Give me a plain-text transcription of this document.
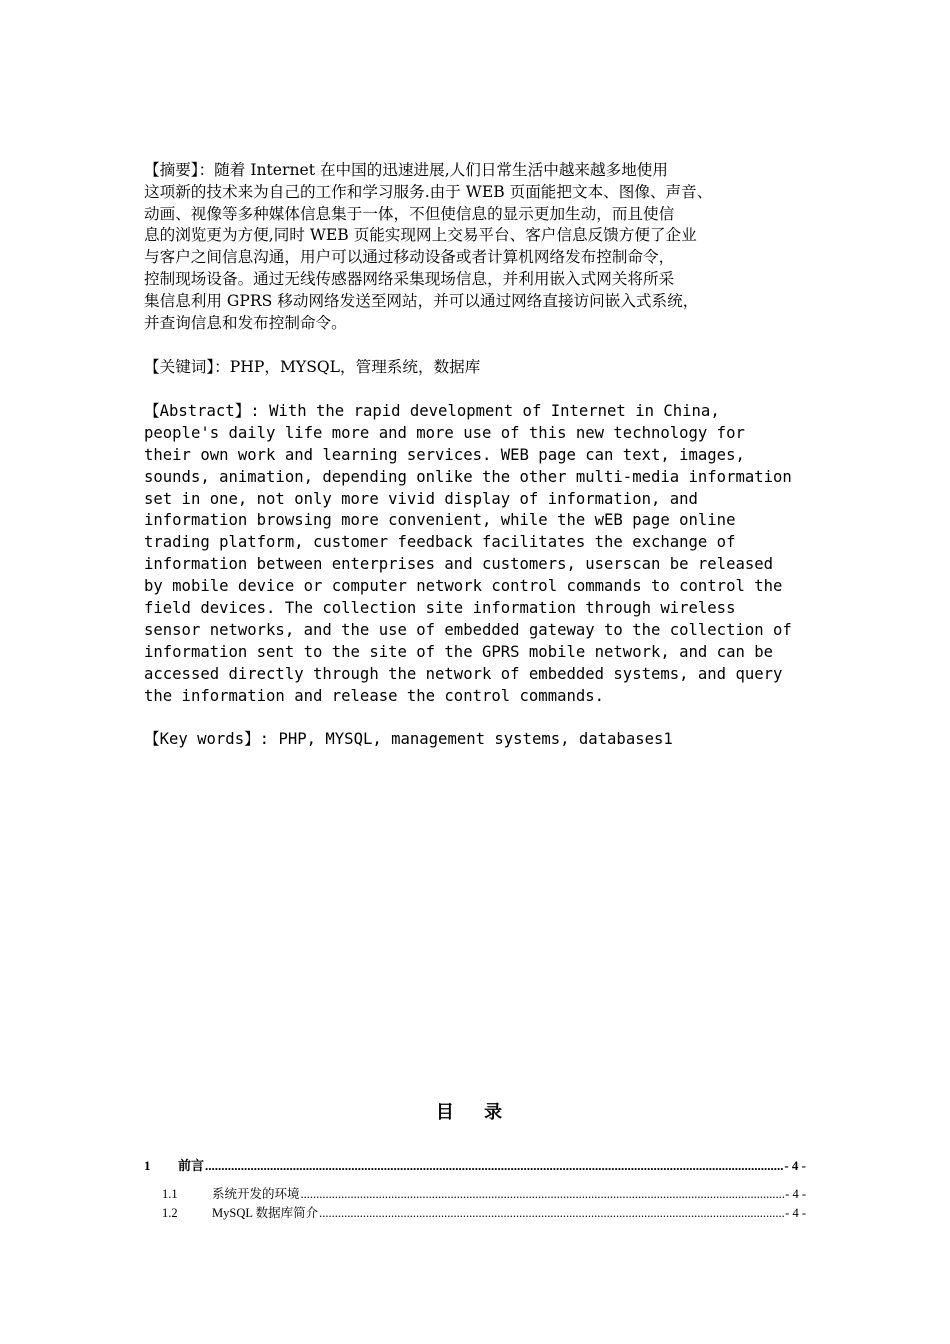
【摘要】：随着 Internet 在中国的迅速进展,人们日常生活中越来越多地使用
这项新的技术来为自己的工作和学习服务.由于 WEB 页面能把文本、图像、声音、
动画、视像等多种媒体信息集于一体，不但使信息的显示更加生动，而且使信
息的浏览更为方便,同时 WEB 页能实现网上交易平台、客户信息反馈方便了企业
与客户之间信息沟通，用户可以通过移动设备或者计算机网络发布控制命令，
控制现场设备。通过无线传感器网络采集现场信息，并利用嵌入式网关将所采
集信息利用 GPRS 移动网络发送至网站，并可以通过网络直接访问嵌入式系统，
并查询信息和发布控制命令。
【关键词】：PHP，MYSQL，管理系统，数据库
【Abstract】: With the rapid development of Internet in China,
people's daily life more and more use of this new technology for
their own work and learning services. WEB page can text, images,
sounds, animation, depending onlike the other multi-media information
set in one, not only more vivid display of information, and
information browsing more convenient, while the wEB page online
trading platform, customer feedback facilitates the exchange of
information between enterprises and customers, userscan be released
by mobile device or computer network control commands to control the
field devices. The collection site information through wireless
sensor networks, and the use of embedded gateway to the collection of
information sent to the site of the GPRS mobile network, and can be
accessed directly through the network of embedded systems, and query
the information and release the control commands.
【Key words】: PHP, MYSQL, management systems, databases1
目 录
1	前言 .....	- 4 -
1.1	系统开发的环境 .....	- 4 -
1.2	MySQL 数据库简介 .....	- 4 -
